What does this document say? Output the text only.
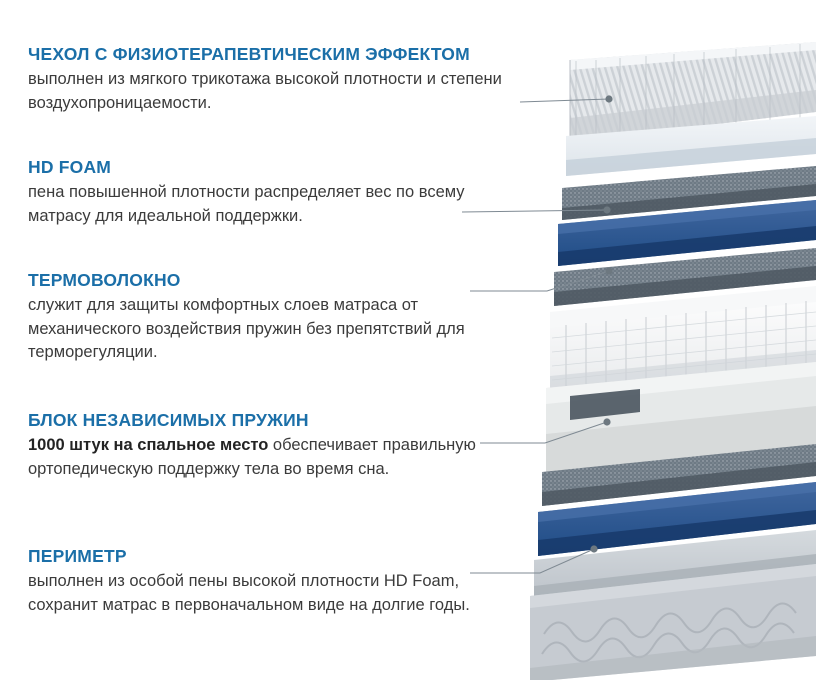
ЧЕХОЛ С ФИЗИОТЕРАПЕВТИЧЕСКИМ ЭФФЕКТОМ

выполнен из мягкого трикотажа высокой плотности и степени воздухопроницаемости.

HD FOAM

пена повышенной плотности распределяет вес по всему матрасу для идеальной поддержки.

ТЕРМОВОЛОКНО

служит для защиты комфортных слоев матраса от механического воздействия пружин без препятствий для терморегуляции.

БЛОК НЕЗАВИСИМЫХ ПРУЖИН

1000 штук на спальное место обеспечивает правильную ортопедическую поддержку тела во время сна.

ПЕРИМЕТР

выполнен из особой пены высокой плотности HD Foam, сохранит матрас в первоначальном виде на долгие годы.
